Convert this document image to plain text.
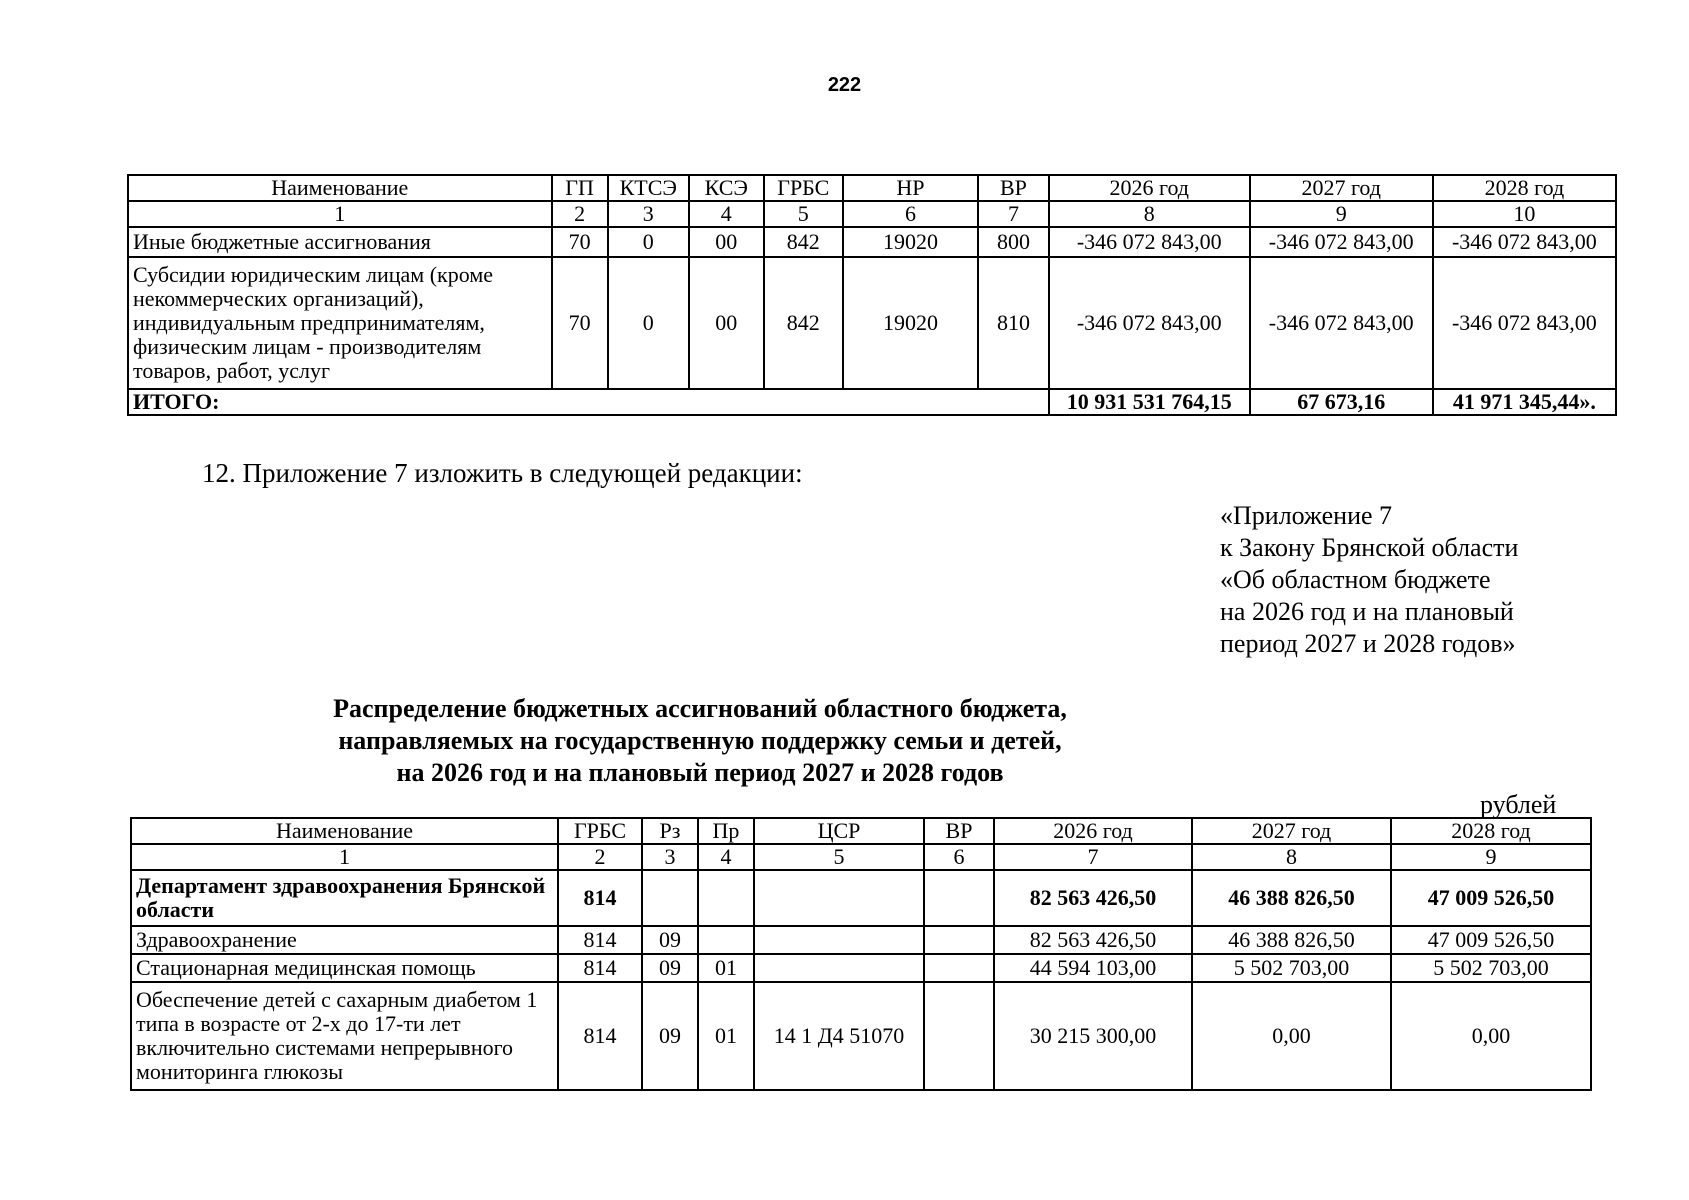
222
Наименование	ГП	КТСЭ	КСЭ	ГРБС	НР	ВР	2026 год	2027 год	2028 год
1	2	3	4	5	6	7	8	9	10
Иные бюджетные ассигнования	70	0	00	842	19020	800	-346 072 843,00	-346 072 843,00	-346 072 843,00
Субсидии юридическим лицам (кроме некоммерческих организаций), индивидуальным предпринимателям, физическим лицам - производителям товаров, работ, услуг	70	0	00	842	19020	810	-346 072 843,00	-346 072 843,00	-346 072 843,00
ИТОГО:							10 931 531 764,15	67 673,16	41 971 345,44».
12. Приложение 7 изложить в следующей редакции:
«Приложение 7
к Закону Брянской области
«Об областном бюджете
на 2026 год и на плановый
период 2027 и 2028 годов»
Распределение бюджетных ассигнований областного бюджета,
направляемых на государственную поддержку семьи и детей,
на 2026 год и на плановый период 2027 и 2028 годов
рублей
Наименование	ГРБС	Рз	Пр	ЦСР	ВР	2026 год	2027 год	2028 год
1	2	3	4	5	6	7	8	9
Департамент здравоохранения Брянской области	814					82 563 426,50	46 388 826,50	47 009 526,50
Здравоохранение	814	09				82 563 426,50	46 388 826,50	47 009 526,50
Стационарная медицинская помощь	814	09	01			44 594 103,00	5 502 703,00	5 502 703,00
Обеспечение детей с сахарным диабетом 1 типа в возрасте от 2-х до 17-ти лет включительно системами непрерывного мониторинга глюкозы	814	09	01	14 1 Д4 51070		30 215 300,00	0,00	0,00
